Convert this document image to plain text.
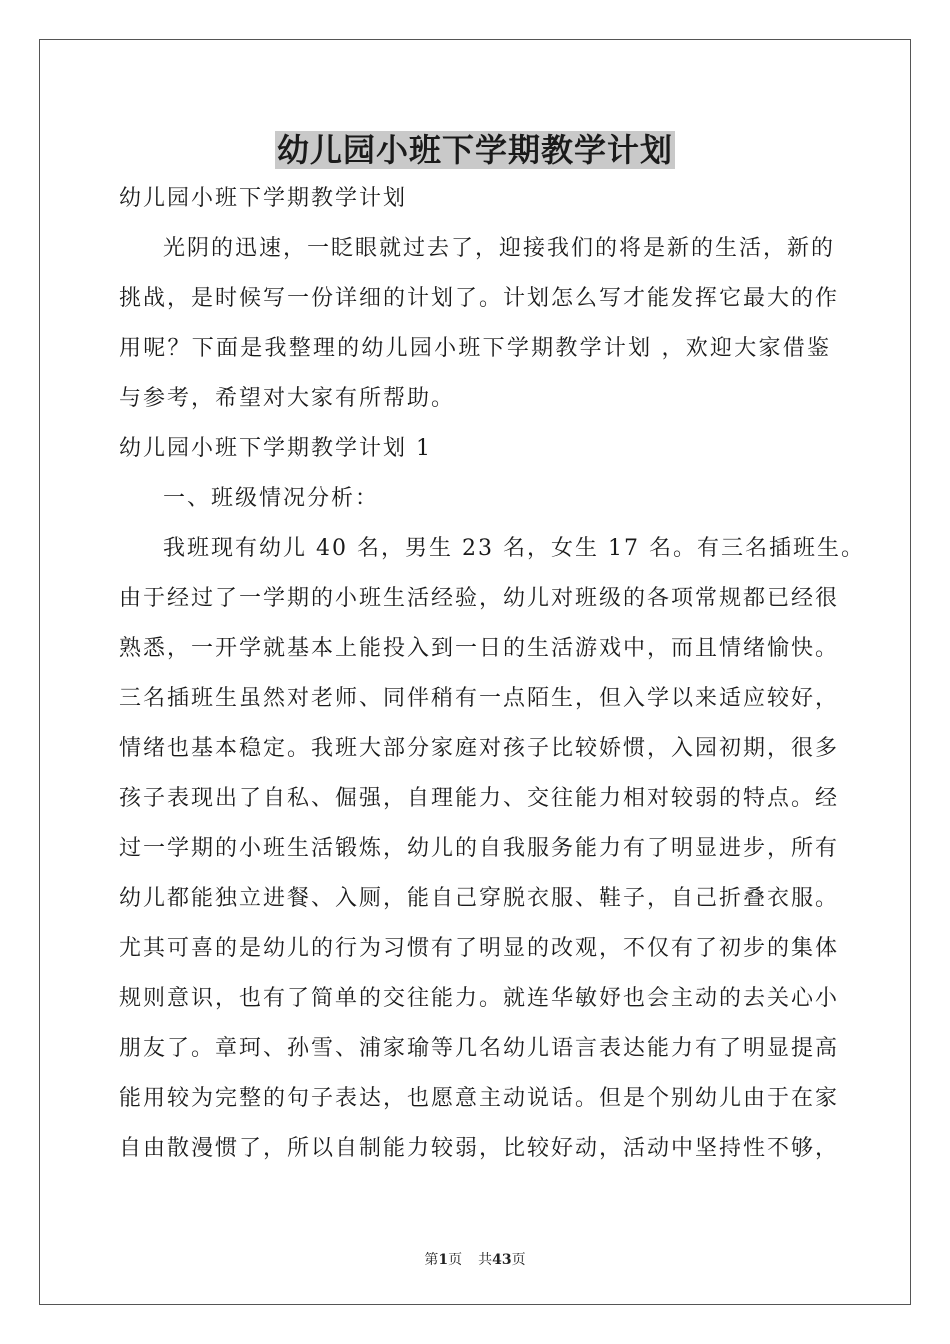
幼儿园小班下学期教学计划

幼儿园小班下学期教学计划

光阴的迅速，一眨眼就过去了，迎接我们的将是新的生活，新的

挑战，是时候写一份详细的计划了。计划怎么写才能发挥它最大的作

用呢？下面是我整理的幼儿园小班下学期教学计划 ，欢迎大家借鉴

与参考，希望对大家有所帮助。

幼儿园小班下学期教学计划 1

一、班级情况分析：

我班现有幼儿 40 名，男生 23 名，女生 17 名。有三名插班生。

由于经过了一学期的小班生活经验，幼儿对班级的各项常规都已经很

熟悉，一开学就基本上能投入到一日的生活游戏中，而且情绪愉快。

三名插班生虽然对老师、同伴稍有一点陌生，但入学以来适应较好，

情绪也基本稳定。我班大部分家庭对孩子比较娇惯，入园初期，很多

孩子表现出了自私、倔强，自理能力、交往能力相对较弱的特点。经

过一学期的小班生活锻炼，幼儿的自我服务能力有了明显进步，所有

幼儿都能独立进餐、入厕，能自己穿脱衣服、鞋子，自己折叠衣服。

尤其可喜的是幼儿的行为习惯有了明显的改观，不仅有了初步的集体

规则意识，也有了简单的交往能力。就连华敏妤也会主动的去关心小

朋友了。章珂、孙雪、浦家瑜等几名幼儿语言表达能力有了明显提高

能用较为完整的句子表达，也愿意主动说话。但是个别幼儿由于在家

自由散漫惯了，所以自制能力较弱，比较好动，活动中坚持性不够，

第1页 共43页
